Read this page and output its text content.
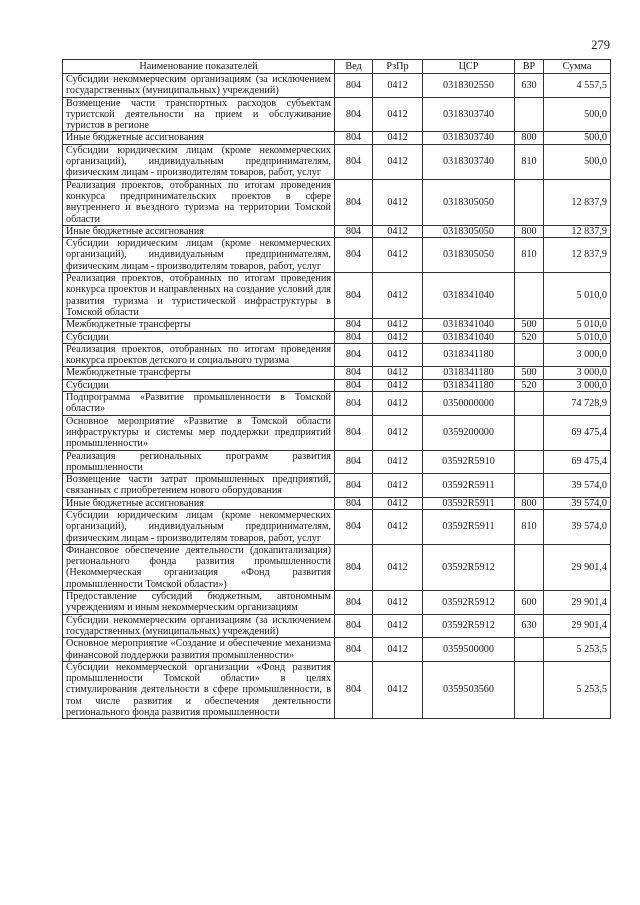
279
Наименование показателей	Вед	РзПр	ЦСР	ВР	Сумма
Субсидии некоммерческим организациям (за исключением государственных (муниципальных) учреждений)	804	0412	0318302550	630	4 557,5
Возмещение части транспортных расходов субъектам туристской деятельности на прием и обслуживание туристов в регионе	804	0412	0318303740		500,0
Иные бюджетные ассигнования	804	0412	0318303740	800	500,0
Субсидии юридическим лицам (кроме некоммерческих организаций), индивидуальным предпринимателям, физическим лицам - производителям товаров, работ, услуг	804	0412	0318303740	810	500,0
Реализация проектов, отобранных по итогам проведения конкурса предпринимательских проектов в сфере внутреннего и въездного туризма на территории Томской области	804	0412	0318305050		12 837,9
Иные бюджетные ассигнования	804	0412	0318305050	800	12 837,9
Субсидии юридическим лицам (кроме некоммерческих организаций), индивидуальным предпринимателям, физическим лицам - производителям товаров, работ, услуг	804	0412	0318305050	810	12 837,9
Реализация проектов, отобранных по итогам проведения конкурса проектов и направленных на создание условий для развития туризма и туристической инфраструктуры в Томской области	804	0412	0318341040		5 010,0
Межбюджетные трансферты	804	0412	0318341040	500	5 010,0
Субсидии	804	0412	0318341040	520	5 010,0
Реализация проектов, отобранных по итогам проведения конкурса проектов детского и социального туризма	804	0412	0318341180		3 000,0
Межбюджетные трансферты	804	0412	0318341180	500	3 000,0
Субсидии	804	0412	0318341180	520	3 000,0
Подпрограмма «Развитие промышленности в Томской области»	804	0412	0350000000		74 728,9
Основное мероприятие «Развитие в Томской области инфраструктуры и системы мер поддержки предприятий промышленности»	804	0412	0359200000		69 475,4
Реализация региональных программ развития промышленности	804	0412	03592R5910		69 475,4
Возмещение части затрат промышленных предприятий, связанных с приобретением нового оборудования	804	0412	03592R5911		39 574,0
Иные бюджетные ассигнования	804	0412	03592R5911	800	39 574,0
Субсидии юридическим лицам (кроме некоммерческих организаций), индивидуальным предпринимателям, физическим лицам - производителям товаров, работ, услуг	804	0412	03592R5911	810	39 574,0
Финансовое обеспечение деятельности (докапитализация) регионального фонда развития промышленности (Некоммерческая организация «Фонд развития промышленности Томской области»)	804	0412	03592R5912		29 901,4
Предоставление субсидий бюджетным, автономным учреждениям и иным некоммерческим организациям	804	0412	03592R5912	600	29 901,4
Субсидии некоммерческим организациям (за исключением государственных (муниципальных) учреждений)	804	0412	03592R5912	630	29 901,4
Основное мероприятие «Создание и обеспечение механизма финансовой поддержки развития промышленности»	804	0412	0359500000		5 253,5
Субсидии некоммерческой организации «Фонд развития промышленности Томской области» в целях стимулирования деятельности в сфере промышленности, в том числе развития и обеспечения деятельности регионального фонда развития промышленности	804	0412	0359503560		5 253,5
